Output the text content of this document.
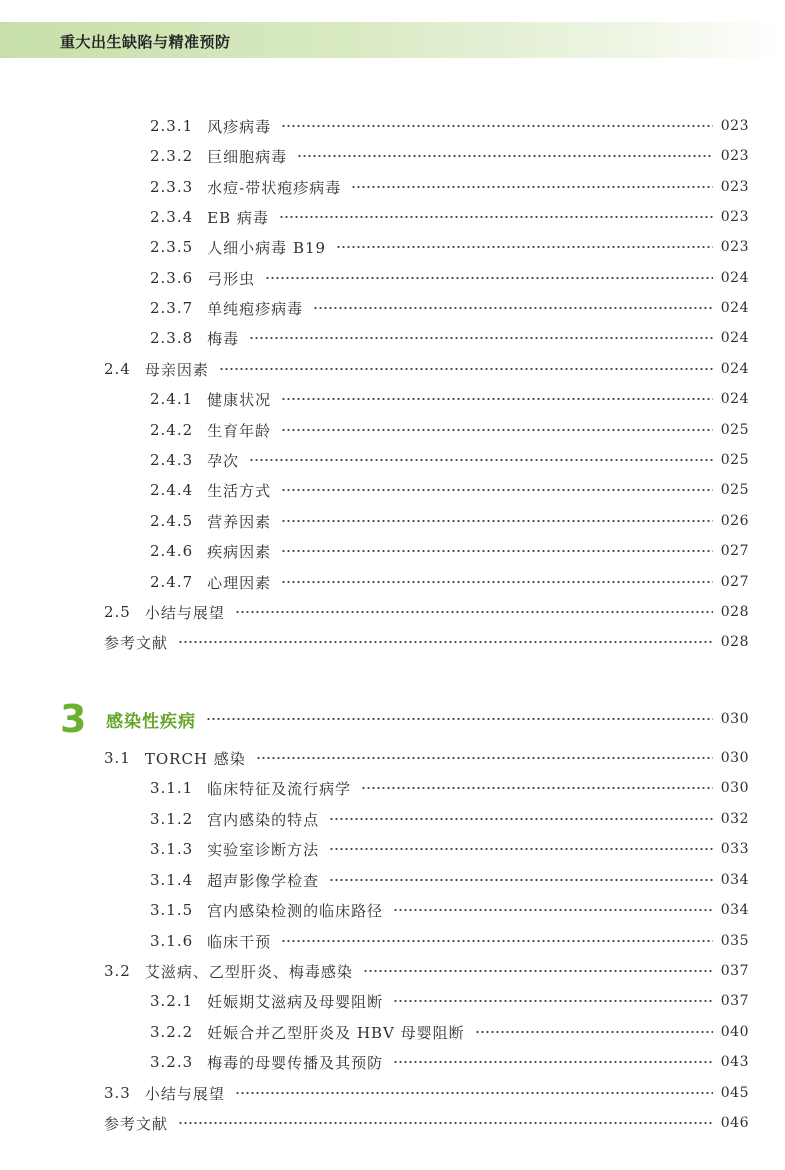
重大出生缺陷与精准预防
2.3.1 风疹病毒	023
2.3.2 巨细胞病毒	023
2.3.3 水痘-带状疱疹病毒	023
2.3.4 EB 病毒	023
2.3.5 人细小病毒 B19	023
2.3.6 弓形虫	024
2.3.7 单纯疱疹病毒	024
2.3.8 梅毒	024
2.4 母亲因素	024
2.4.1 健康状况	024
2.4.2 生育年龄	025
2.4.3 孕次	025
2.4.4 生活方式	025
2.4.5 营养因素	026
2.4.6 疾病因素	027
2.4.7 心理因素	027
2.5 小结与展望	028
参考文献	028
3	感染性疾病	030
3.1 TORCH 感染	030
3.1.1 临床特征及流行病学	030
3.1.2 宫内感染的特点	032
3.1.3 实验室诊断方法	033
3.1.4 超声影像学检查	034
3.1.5 宫内感染检测的临床路径	034
3.1.6 临床干预	035
3.2 艾滋病、乙型肝炎、梅毒感染	037
3.2.1 妊娠期艾滋病及母婴阻断	037
3.2.2 妊娠合并乙型肝炎及 HBV 母婴阻断	040
3.2.3 梅毒的母婴传播及其预防	043
3.3 小结与展望	045
参考文献	046
